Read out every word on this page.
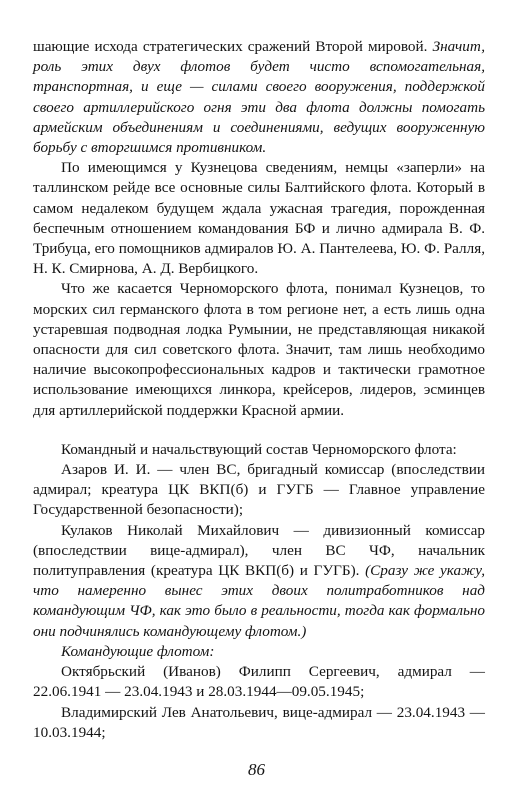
шающие исхода стратегических сражений Второй мировой. Значит, роль этих двух флотов будет чисто вспомогательная, транспортная, и еще — силами своего вооружения, поддержкой своего артиллерийского огня эти два флота должны помогать армейским объединениям и соединениями, ведущих вооруженную борьбу с вторгшимся противником.

По имеющимся у Кузнецова сведениям, немцы «заперли» на таллинском рейде все основные силы Балтийского флота. Который в самом недалеком будущем ждала ужасная трагедия, порожденная беспечным отношением командования БФ и лично адмирала В. Ф. Трибуца, его помощников адмиралов Ю. А. Пантелеева, Ю. Ф. Ралля, Н. К. Смирнова, А. Д. Вербицкого.

Что же касается Черноморского флота, понимал Кузнецов, то морских сил германского флота в том регионе нет, а есть лишь одна устаревшая подводная лодка Румынии, не представляющая никакой опасности для сил советского флота. Значит, там лишь необходимо наличие высокопрофессиональных кадров и тактически грамотное использование имеющихся линкора, крейсеров, лидеров, эсминцев для артиллерийской поддержки Красной армии.

Командный и начальствующий состав Черноморского флота:

Азаров И. И. — член ВС, бригадный комиссар (впоследствии адмирал; креатура ЦК ВКП(б) и ГУГБ — Главное управление Государственной безопасности);

Кулаков Николай Михайлович — дивизионный комиссар (впоследствии вице-адмирал), член ВС ЧФ, начальник политуправления (креатура ЦК ВКП(б) и ГУГБ). (Сразу же укажу, что намеренно вынес этих двоих политработников над командующим ЧФ, как это было в реальности, тогда как формально они подчинялись командующему флотом.)

Командующие флотом:

Октябрьский (Иванов) Филипп Сергеевич, адмирал — 22.06.1941 — 23.04.1943 и 28.03.1944—09.05.1945;

Владимирский Лев Анатольевич, вице-адмирал — 23.04.1943 — 10.03.1944;

86
